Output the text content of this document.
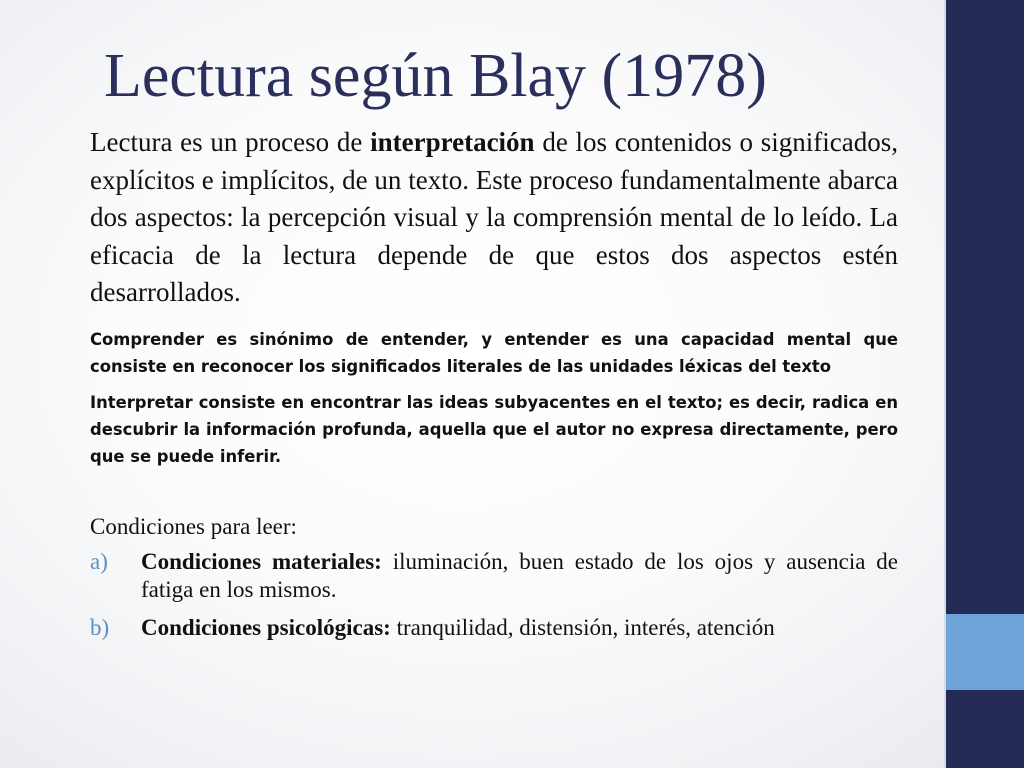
Lectura según Blay (1978)

Lectura es un proceso de interpretación de los contenidos o significados, explícitos e implícitos, de un texto. Este proceso fundamentalmente abarca dos aspectos: la percepción visual y la comprensión mental de lo leído. La eficacia de la lectura depende de que estos dos aspectos estén desarrollados.

Comprender es sinónimo de entender, y entender es una capacidad mental que consiste en reconocer los significados literales de las unidades léxicas del texto

Interpretar consiste en encontrar las ideas subyacentes en el texto; es decir, radica en descubrir la información profunda, aquella que el autor no expresa directamente, pero que se puede inferir.

Condiciones para leer:

a) Condiciones materiales: iluminación, buen estado de los ojos y ausencia de fatiga en los mismos.
b) Condiciones psicológicas: tranquilidad, distensión, interés, atención
